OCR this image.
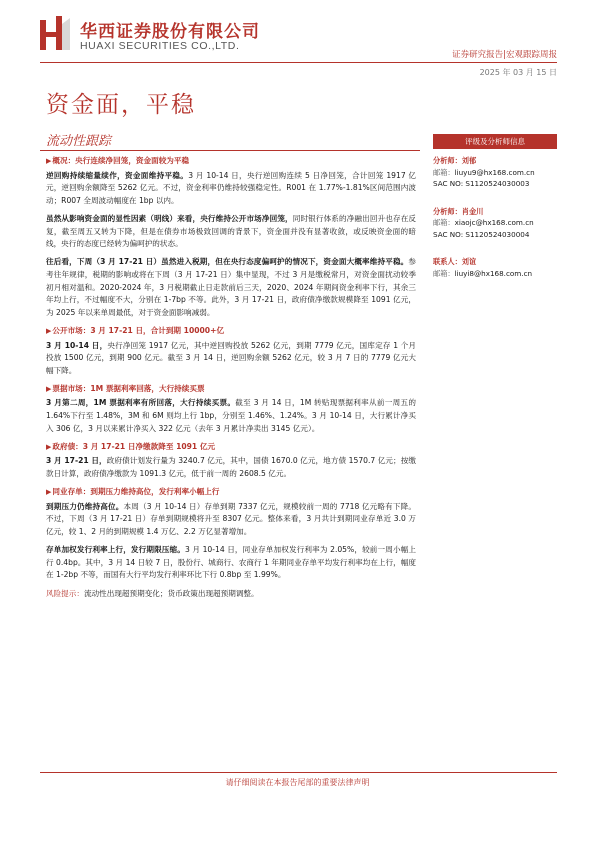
华西证券股份有限公司
HUAXI SECURITIES CO.,LTD.
证券研究报告|宏观跟踪周报
2025 年 03 月 15 日
资金面，平稳
流动性跟踪
▶概况：央行连续净回笼，资金面较为平稳

逆回购持续缩量续作，资金面维持平稳。3 月 10-14 日，央行逆回购连续 5 日净回笼，合计回笼 1917 亿元，逆回购余额降至 5262 亿元。不过，资金利率仍维持较强稳定性。R001 在 1.77%-1.81%区间范围内波动；R007 全周波动幅度在 1bp 以内。

虽然从影响资金面的显性因素（明线）来看，央行维持公开市场净回笼，同时银行体系的净融出回升也存在反复，截至周五又转为下降，但是在债券市场极致回调的背景下，资金面并没有显著收敛，或反映资金面的暗线，央行的态度已经转为偏呵护的状态。

往后看，下周（3 月 17-21 日）虽然进入税期，但在央行态度偏呵护的情况下，资金面大概率维持平稳。参考往年规律，税期的影响或将在下周（3 月 17-21 日）集中显现，不过 3 月是缴税常月，对资金面扰动较季初月相对温和。2020-2024 年，3 月税期截止日走款前后三天，2020、2024 年期间资金利率下行，其余三年均上行，不过幅度不大，分别在 1-7bp 不等。此外，3 月 17-21 日，政府债净缴款规模降至 1091 亿元，为 2025 年以来单周最低，对于资金面影响减弱。

▶公开市场：3 月 17-21 日，合计到期 10000+亿

3 月 10-14 日，央行净回笼 1917 亿元，其中逆回购投放 5262 亿元，到期 7779 亿元，国库定存 1 个月投放 1500 亿元，到期 900 亿元。截至 3 月 14 日，逆回购余额 5262 亿元，较 3 月 7 日的 7779 亿元大幅下降。

▶票据市场：1M 票据利率回落，大行持续买票

3 月第二周，1M 票据利率有所回落，大行持续买票。截至 3 月 14 日，1M 转贴现票据利率从前一周五的 1.64%下行至 1.48%，3M 和 6M 则均上行 1bp，分别至 1.46%、1.24%。3 月 10-14 日，大行累计净买入 306 亿，3 月以来累计净买入 322 亿元（去年 3 月累计净卖出 3145 亿元）。

▶政府债：3 月 17-21 日净缴款降至 1091 亿元

3 月 17-21 日，政府债计划发行量为 3240.7 亿元，其中，国债 1670.0 亿元，地方债 1570.7 亿元；按缴款日计算，政府债净缴款为 1091.3 亿元，低于前一周的 2608.5 亿元。

▶同业存单：到期压力维持高位，发行利率小幅上行

到期压力仍维持高位。本周（3 月 10-14 日）存单到期 7337 亿元，规模较前一周的 7718 亿元略有下降。不过，下周（3 月 17-21 日）存单到期规模将升至 8307 亿元。整体来看，3 月共计到期同业存单近 3.0 万亿元，较 1、2 月的到期规模 1.4 万亿、2.2 万亿显著增加。

存单加权发行利率上行，发行期限压缩。3 月 10-14 日，同业存单加权发行利率为 2.05%，较前一周小幅上行 0.4bp。其中，3 月 14 日较 7 日，股份行、城商行、农商行 1 年期同业存单平均发行利率均在上行，幅度在 1-2bp 不等，而国有大行平均发行利率环比下行 0.8bp 至 1.99%。

风险提示：流动性出现超预期变化；货币政策出现超预期调整。

评级及分析师信息
分析师：刘郁
邮箱：liuyu9@hx168.com.cn
SAC NO: S1120524030003
分析师：肖金川
邮箱：xiaojc@hx168.com.cn
SAC NO: S1120524030004
联系人：刘谊
邮箱：liuyi8@hx168.com.cn
请仔细阅读在本报告尾部的重要法律声明
